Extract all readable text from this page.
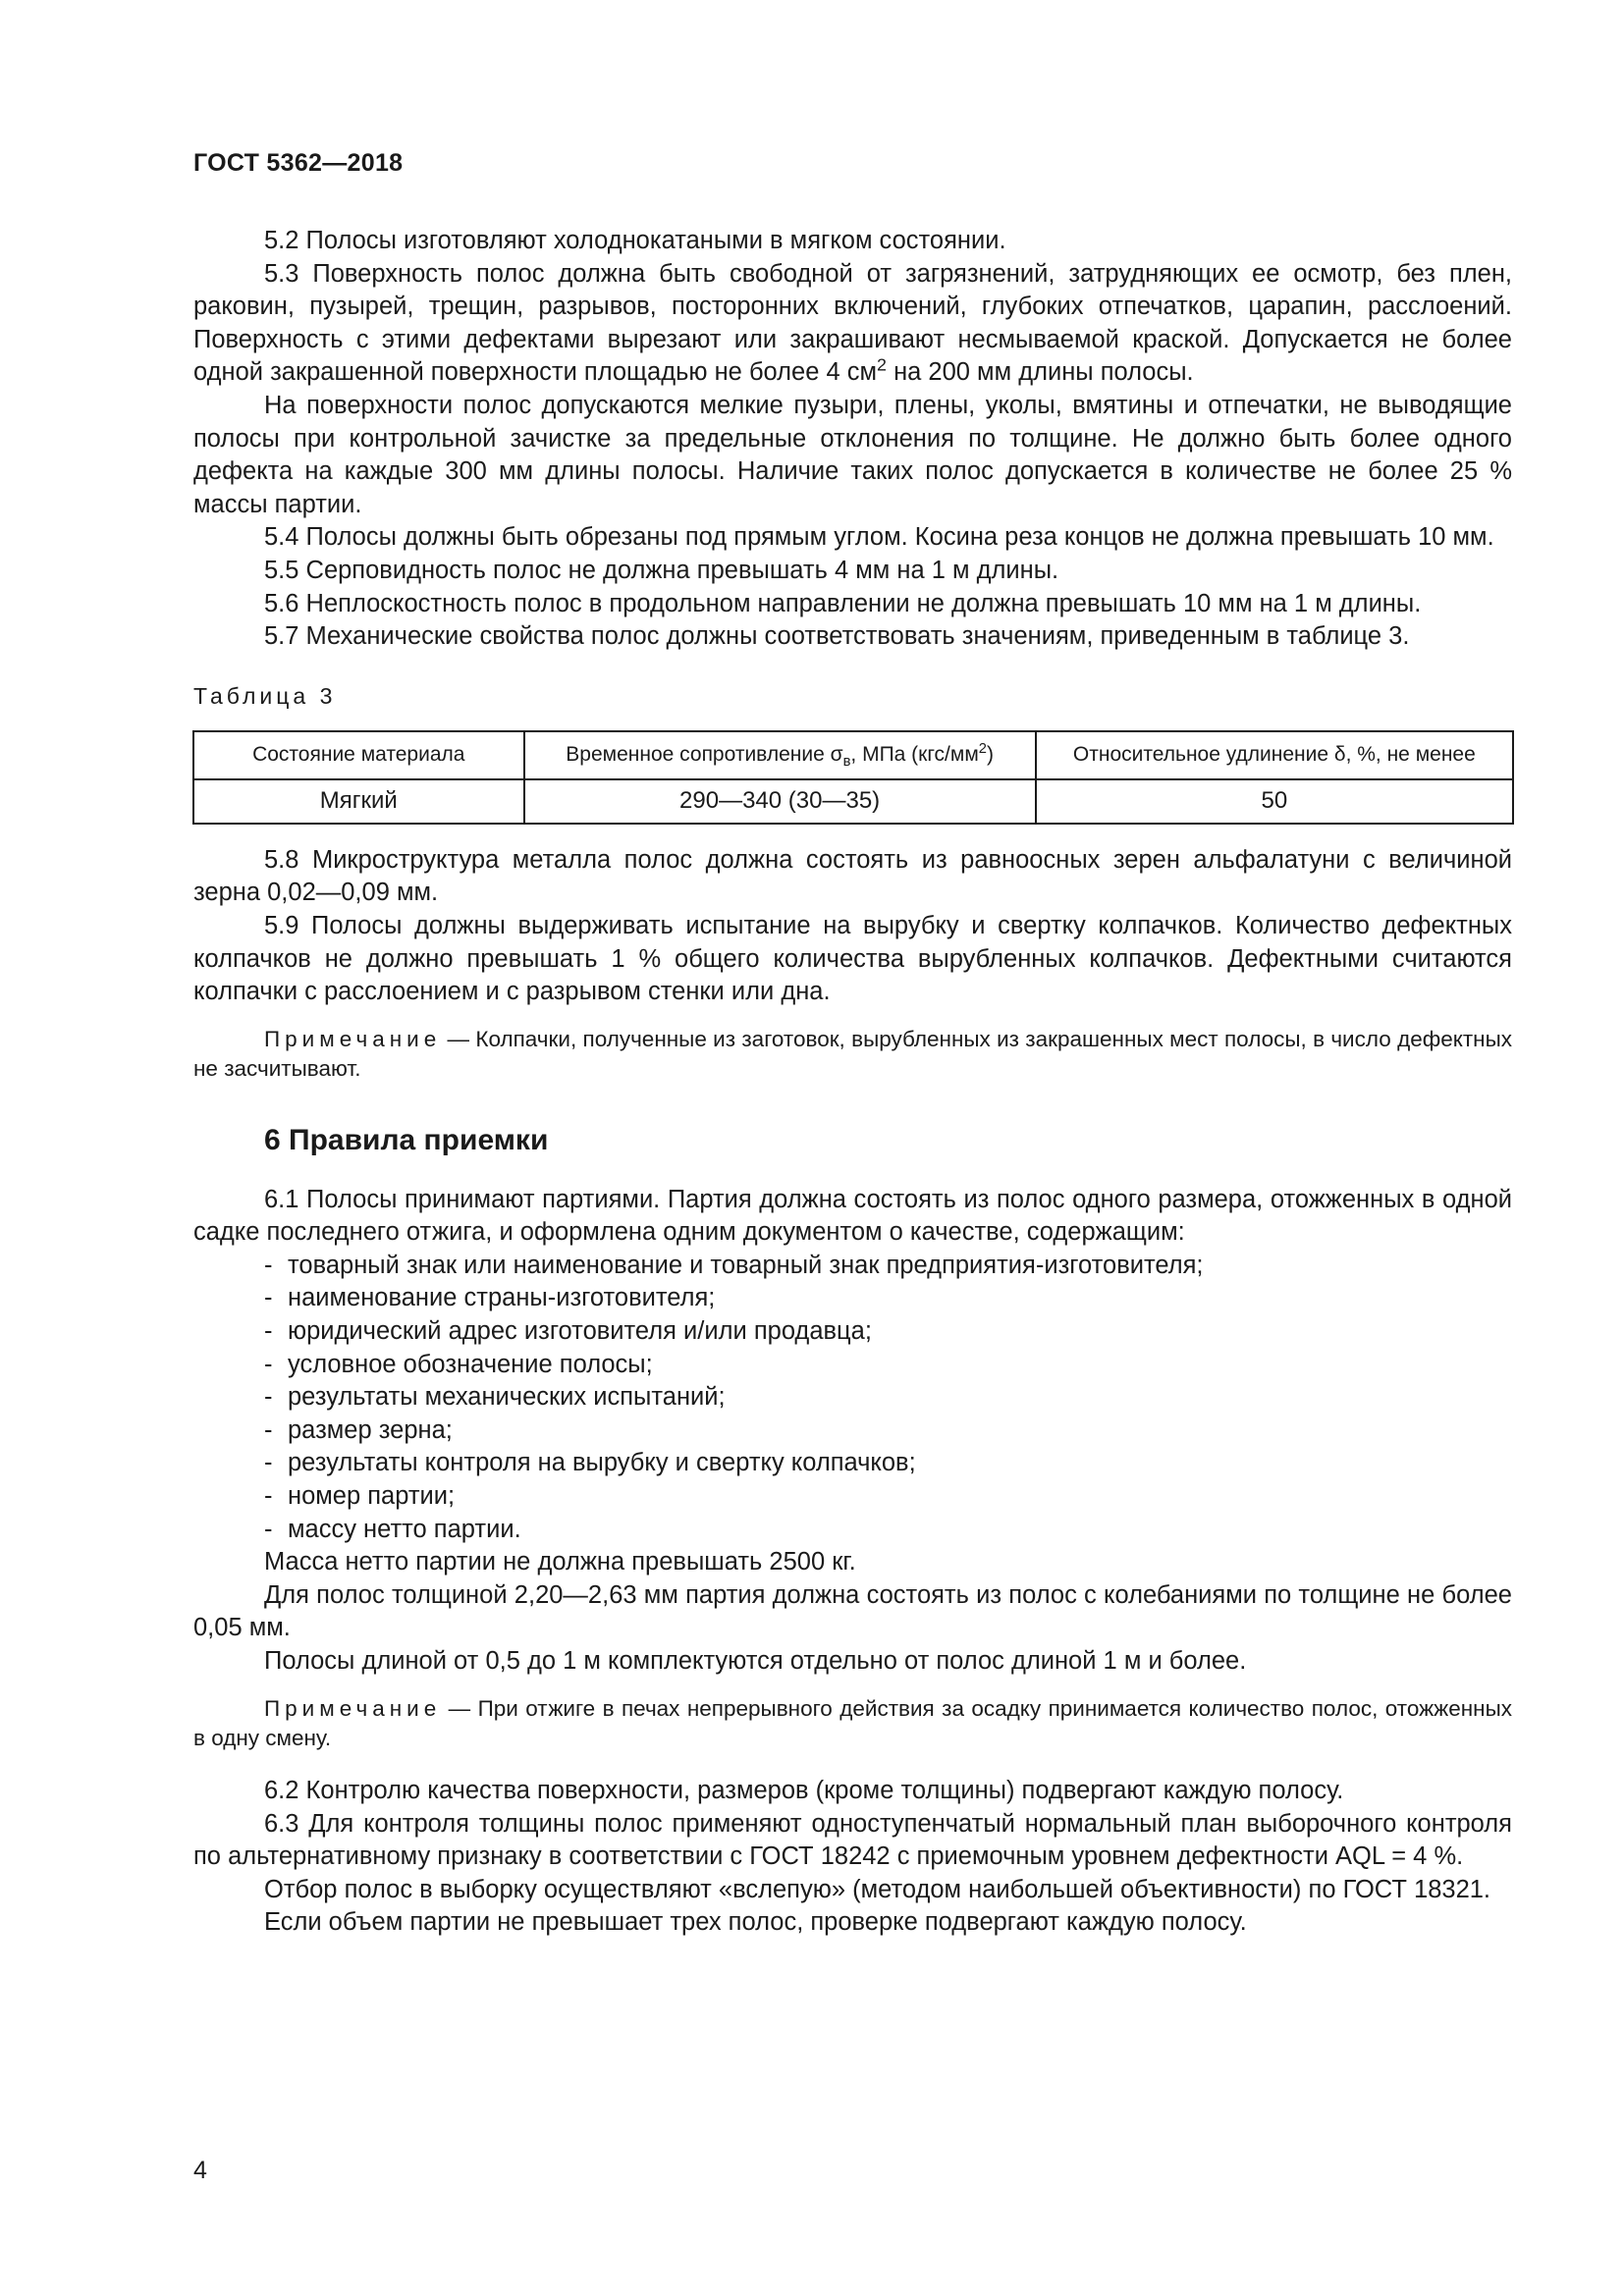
ГОСТ 5362—2018

5.2 Полосы изготовляют холоднокатаными в мягком состоянии.

5.3 Поверхность полос должна быть свободной от загрязнений, затрудняющих ее осмотр, без плен, раковин, пузырей, трещин, разрывов, посторонних включений, глубоких отпечатков, царапин, расслоений. Поверхность с этими дефектами вырезают или закрашивают несмываемой краской. Допускается не более одной закрашенной поверхности площадью не более 4 $см^2$ на 200 мм длины полосы.

На поверхности полос допускаются мелкие пузыри, плены, уколы, вмятины и отпечатки, не выводящие полосы при контрольной зачистке за предельные отклонения по толщине. Не должно быть более одного дефекта на каждые 300 мм длины полосы. Наличие таких полос допускается в количестве не более 25 % массы партии.

5.4 Полосы должны быть обрезаны под прямым углом. Косина реза концов не должна превышать 10 мм.

5.5 Серповидность полос не должна превышать 4 мм на 1 м длины.

5.6 Неплоскостность полос в продольном направлении не должна превышать 10 мм на 1 м длины.

5.7 Механические свойства полос должны соответствовать значениям, приведенным в таблице 3.

Таблица 3
Состояние материала	Временное сопротивление $\sigma_в$, МПа $(кгс/мм^2)$	Относительное удлинение δ, %, не менее
Мягкий	290—340 (30—35)	50

5.8 Микроструктура металла полос должна состоять из равноосных зерен альфалатуни с величиной зерна 0,02—0,09 мм.

5.9 Полосы должны выдерживать испытание на вырубку и свертку колпачков. Количество дефектных колпачков не должно превышать 1 % общего количества вырубленных колпачков. Дефектными считаются колпачки с расслоением и с разрывом стенки или дна.

Примечание — Колпачки, полученные из заготовок, вырубленных из закрашенных мест полосы, в число дефектных не засчитывают.

6 Правила приемки

6.1 Полосы принимают партиями. Партия должна состоять из полос одного размера, отожженных в одной садке последнего отжига, и оформлена одним документом о качестве, содержащим:

- товарный знак или наименование и товарный знак предприятия-изготовителя;
- наименование страны-изготовителя;
- юридический адрес изготовителя и/или продавца;
- условное обозначение полосы;
- результаты механических испытаний;
- размер зерна;
- результаты контроля на вырубку и свертку колпачков;
- номер партии;
- массу нетто партии.

Масса нетто партии не должна превышать 2500 кг.

Для полос толщиной 2,20—2,63 мм партия должна состоять из полос с колебаниями по толщине не более 0,05 мм.

Полосы длиной от 0,5 до 1 м комплектуются отдельно от полос длиной 1 м и более.

Примечание — При отжиге в печах непрерывного действия за осадку принимается количество полос, отожженных в одну смену.

6.2 Контролю качества поверхности, размеров (кроме толщины) подвергают каждую полосу.

6.3 Для контроля толщины полос применяют одноступенчатый нормальный план выборочного контроля по альтернативному признаку в соответствии с ГОСТ 18242 с приемочным уровнем дефектности AQL = 4 %.

Отбор полос в выборку осуществляют «вслепую» (методом наибольшей объективности) по ГОСТ 18321.

Если объем партии не превышает трех полос, проверке подвергают каждую полосу.

4
